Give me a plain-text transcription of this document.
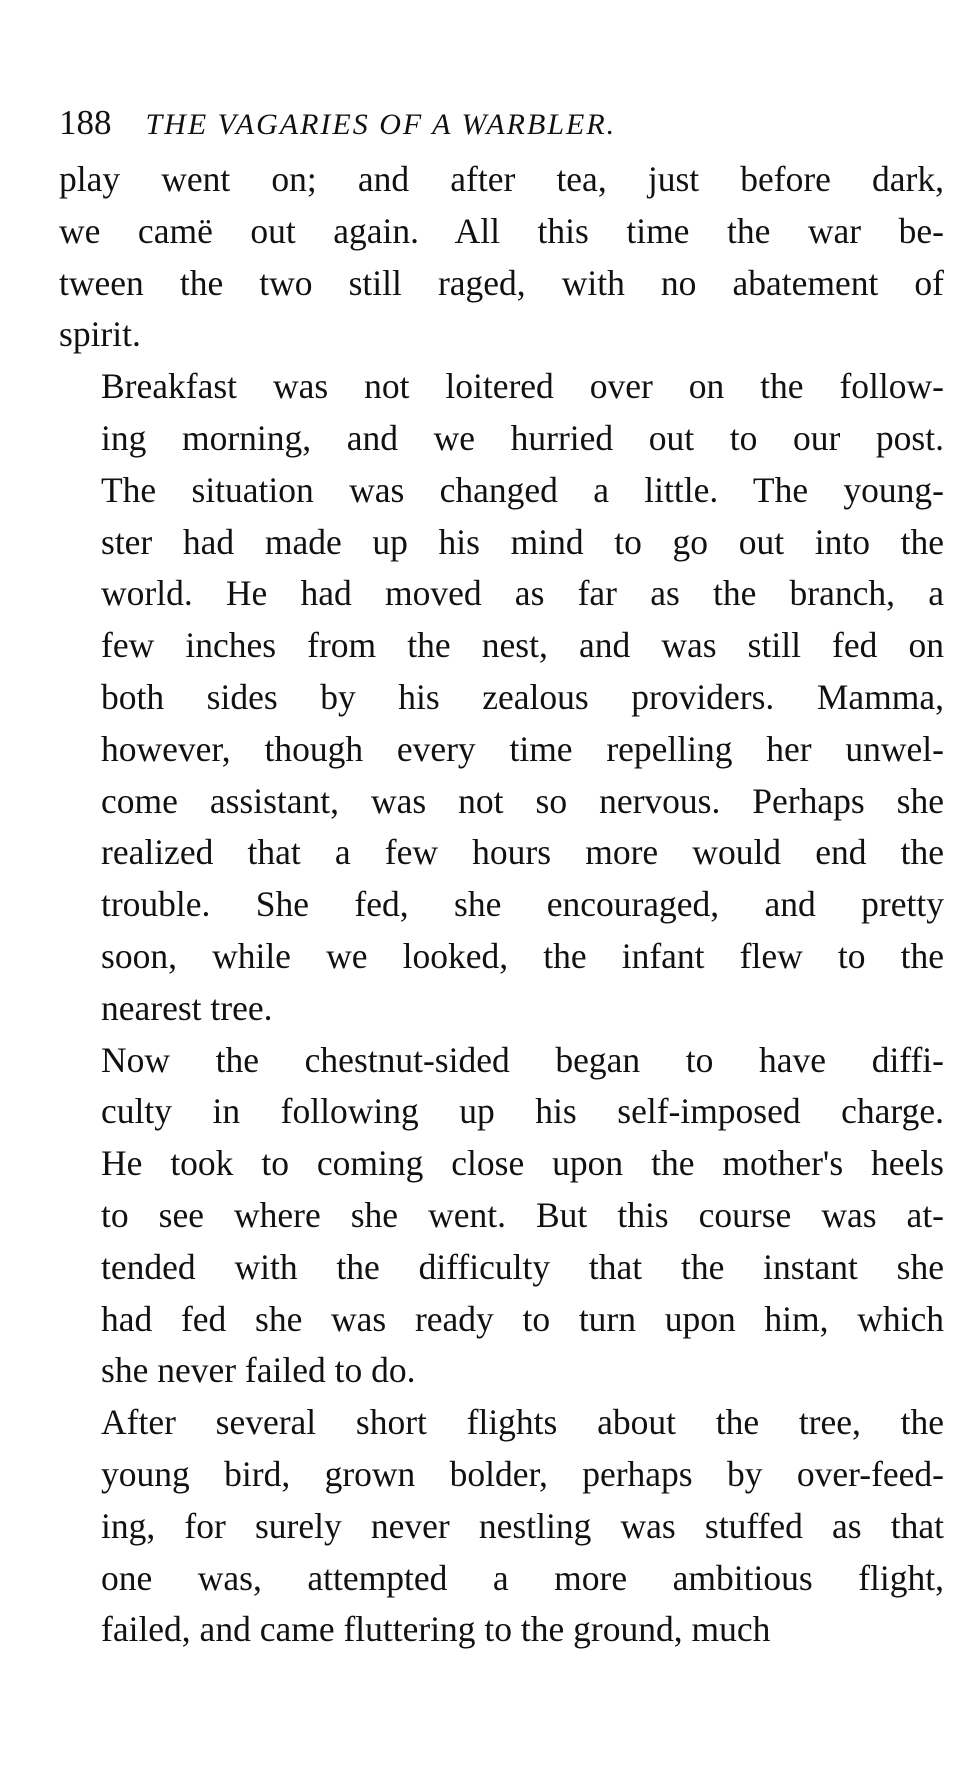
188 THE VAGARIES OF A WARBLER.

play went on; and after tea, just before dark,
we camë out again. All this time the war be-
tween the two still raged, with no abatement of
spirit.

Breakfast was not loitered over on the follow-
ing morning, and we hurried out to our post.
The situation was changed a little. The young-
ster had made up his mind to go out into the
world. He had moved as far as the branch, a
few inches from the nest, and was still fed on
both sides by his zealous providers. Mamma,
however, though every time repelling her unwel-
come assistant, was not so nervous. Perhaps she
realized that a few hours more would end the
trouble. She fed, she encouraged, and pretty
soon, while we looked, the infant flew to the
nearest tree.

Now the chestnut-sided began to have diffi-
culty in following up his self-imposed charge.
He took to coming close upon the mother's heels
to see where she went. But this course was at-
tended with the difficulty that the instant she
had fed she was ready to turn upon him, which
she never failed to do.

After several short flights about the tree, the
young bird, grown bolder, perhaps by over-feed-
ing, for surely never nestling was stuffed as that
one was, attempted a more ambitious flight,
failed, and came fluttering to the ground, much
